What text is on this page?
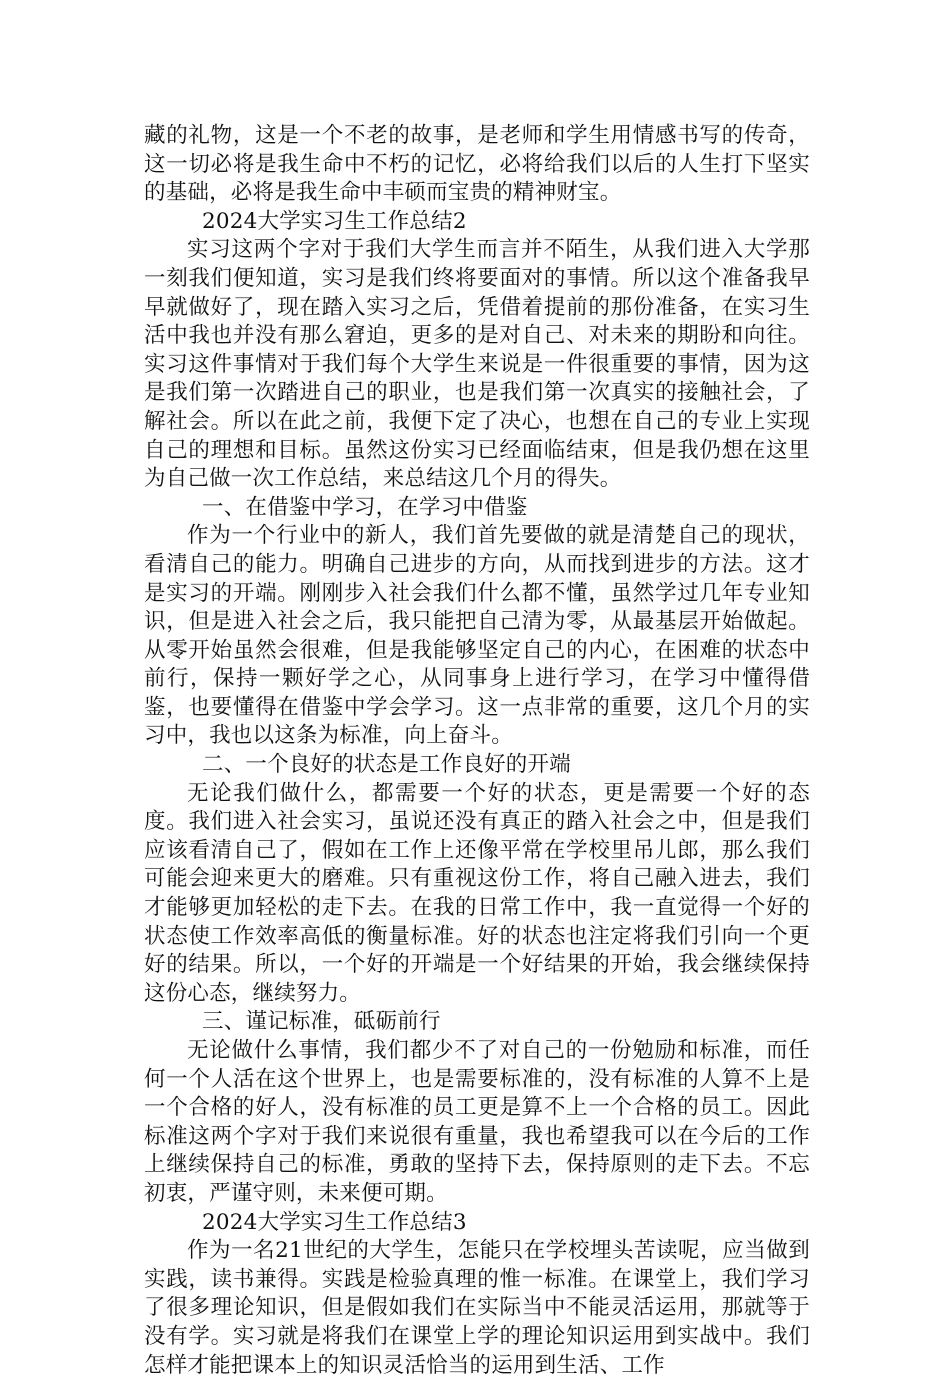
藏的礼物，这是一个不老的故事，是老师和学生用情感书写的传奇，这一切必将是我生命中不朽的记忆，必将给我们以后的人生打下坚实的基础，必将是我生命中丰硕而宝贵的精神财宝。

2024大学实习生工作总结2

实习这两个字对于我们大学生而言并不陌生，从我们进入大学那一刻我们便知道，实习是我们终将要面对的事情。所以这个准备我早早就做好了，现在踏入实习之后，凭借着提前的那份准备，在实习生活中我也并没有那么窘迫，更多的是对自己、对未来的期盼和向往。实习这件事情对于我们每个大学生来说是一件很重要的事情，因为这是我们第一次踏进自己的职业，也是我们第一次真实的接触社会，了解社会。所以在此之前，我便下定了决心，也想在自己的专业上实现自己的理想和目标。虽然这份实习已经面临结束，但是我仍想在这里为自己做一次工作总结，来总结这几个月的得失。

一、在借鉴中学习，在学习中借鉴

作为一个行业中的新人，我们首先要做的就是清楚自己的现状，看清自己的能力。明确自己进步的方向，从而找到进步的方法。这才是实习的开端。刚刚步入社会我们什么都不懂，虽然学过几年专业知识，但是进入社会之后，我只能把自己清为零，从最基层开始做起。从零开始虽然会很难，但是我能够坚定自己的内心，在困难的状态中前行，保持一颗好学之心，从同事身上进行学习，在学习中懂得借鉴，也要懂得在借鉴中学会学习。这一点非常的重要，这几个月的实习中，我也以这条为标准，向上奋斗。

二、一个良好的状态是工作良好的开端

无论我们做什么，都需要一个好的状态，更是需要一个好的态度。我们进入社会实习，虽说还没有真正的踏入社会之中，但是我们应该看清自己了，假如在工作上还像平常在学校里吊儿郎，那么我们可能会迎来更大的磨难。只有重视这份工作，将自己融入进去，我们才能够更加轻松的走下去。在我的日常工作中，我一直觉得一个好的状态使工作效率高低的衡量标准。好的状态也注定将我们引向一个更好的结果。所以，一个好的开端是一个好结果的开始，我会继续保持这份心态，继续努力。

三、谨记标准，砥砺前行

无论做什么事情，我们都少不了对自己的一份勉励和标准，而任何一个人活在这个世界上，也是需要标准的，没有标准的人算不上是一个合格的好人，没有标准的员工更是算不上一个合格的员工。因此标准这两个字对于我们来说很有重量，我也希望我可以在今后的工作上继续保持自己的标准，勇敢的坚持下去，保持原则的走下去。不忘初衷，严谨守则，未来便可期。

2024大学实习生工作总结3

作为一名21世纪的大学生，怎能只在学校埋头苦读呢，应当做到实践，读书兼得。实践是检验真理的惟一标准。在课堂上，我们学习了很多理论知识，但是假如我们在实际当中不能灵活运用，那就等于没有学。实习就是将我们在课堂上学的理论知识运用到实战中。我们怎样才能把课本上的知识灵活恰当的运用到生活、工作
